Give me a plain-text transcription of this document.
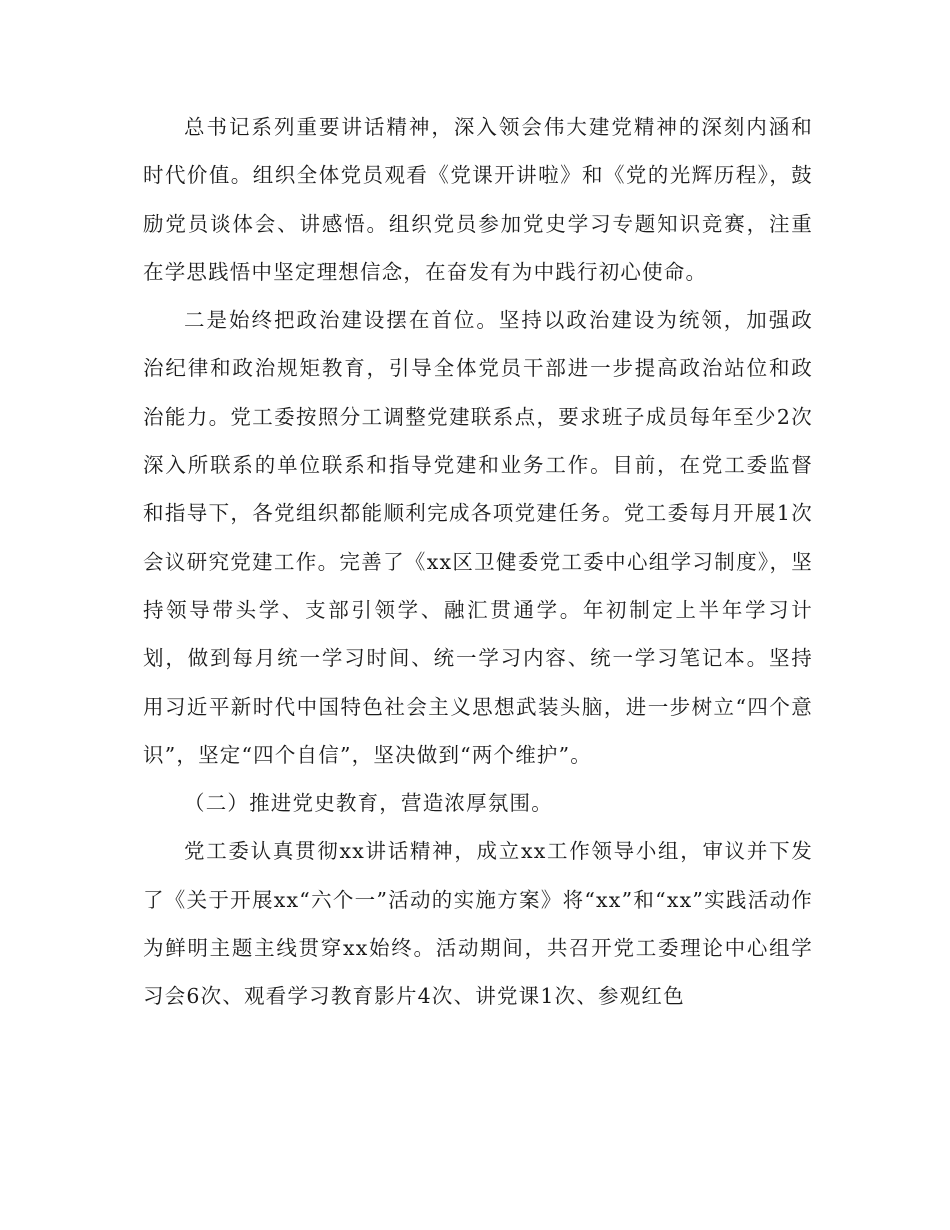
总书记系列重要讲话精神，深入领会伟大建党精神的深刻内涵和时代价值。组织全体党员观看《党课开讲啦》和《党的光辉历程》，鼓励党员谈体会、讲感悟。组织党员参加党史学习专题知识竞赛，注重在学思践悟中坚定理想信念，在奋发有为中践行初心使命。

二是始终把政治建设摆在首位。坚持以政治建设为统领，加强政治纪律和政治规矩教育，引导全体党员干部进一步提高政治站位和政治能力。党工委按照分工调整党建联系点，要求班子成员每年至少2次深入所联系的单位联系和指导党建和业务工作。目前，在党工委监督和指导下，各党组织都能顺利完成各项党建任务。党工委每月开展1次会议研究党建工作。完善了《xx区卫健委党工委中心组学习制度》，坚持领导带头学、支部引领学、融汇贯通学。年初制定上半年学习计划，做到每月统一学习时间、统一学习内容、统一学习笔记本。坚持用习近平新时代中国特色社会主义思想武装头脑，进一步树立“四个意识”，坚定“四个自信”，坚决做到“两个维护”。

（二）推进党史教育，营造浓厚氛围。

党工委认真贯彻xx讲话精神，成立xx工作领导小组，审议并下发了《关于开展xx“六个一”活动的实施方案》将“xx”和“xx”实践活动作为鲜明主题主线贯穿xx始终。活动期间，共召开党工委理论中心组学习会6次、观看学习教育影片4次、讲党课1次、参观红色
